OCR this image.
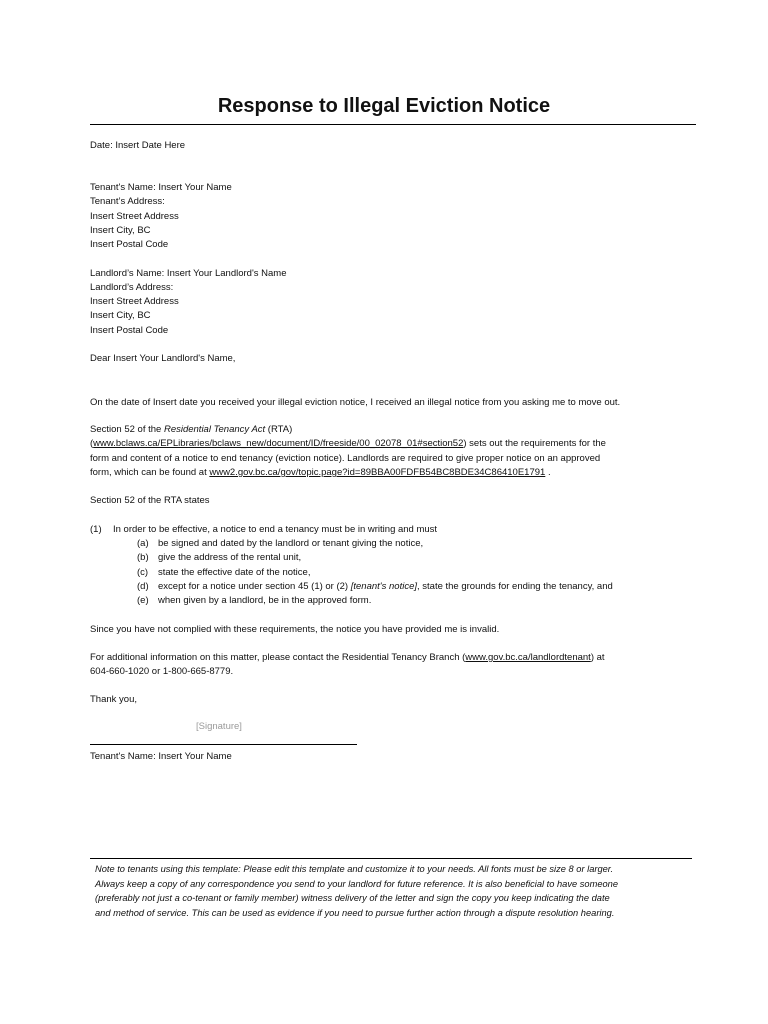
Response to Illegal Eviction Notice
Date: Insert Date Here
Tenant's Name: Insert Your Name
Tenant’s Address:
Insert Street Address
Insert City, BC
Insert Postal Code
Landlord’s Name: Insert Your Landlord's Name
Landlord’s Address:
Insert Street Address
Insert City, BC
Insert Postal Code
Dear Insert Your Landlord's Name,
On the date of Insert date you received your illegal eviction notice, I received an illegal notice from you asking me to move out.
Section 52 of the Residential Tenancy Act (RTA)
(www.bclaws.ca/EPLibraries/bclaws_new/document/ID/freeside/00_02078_01#section52) sets out the requirements for the
form and content of a notice to end tenancy (eviction notice). Landlords are required to give proper notice on an approved
form, which can be found at www2.gov.bc.ca/gov/topic.page?id=89BBA00FDFB54BC8BDE34C86410E1791 .
Section 52 of the RTA states
(1) In order to be effective, a notice to end a tenancy must be in writing and must
(a) be signed and dated by the landlord or tenant giving the notice,
(b) give the address of the rental unit,
(c) state the effective date of the notice,
(d) except for a notice under section 45 (1) or (2) [tenant's notice], state the grounds for ending the tenancy, and
(e) when given by a landlord, be in the approved form.
Since you have not complied with these requirements, the notice you have provided me is invalid.
For additional information on this matter, please contact the Residential Tenancy Branch (www.gov.bc.ca/landlordtenant) at
604-660-1020 or 1-800-665-8779.
Thank you,
[Signature]
Tenant's Name: Insert Your Name
Note to tenants using this template: Please edit this template and customize it to your needs. All fonts must be size 8 or larger.
Always keep a copy of any correspondence you send to your landlord for future reference. It is also beneficial to have someone
(preferably not just a co-tenant or family member) witness delivery of the letter and sign the copy you keep indicating the date
and method of service. This can be used as evidence if you need to pursue further action through a dispute resolution hearing.
